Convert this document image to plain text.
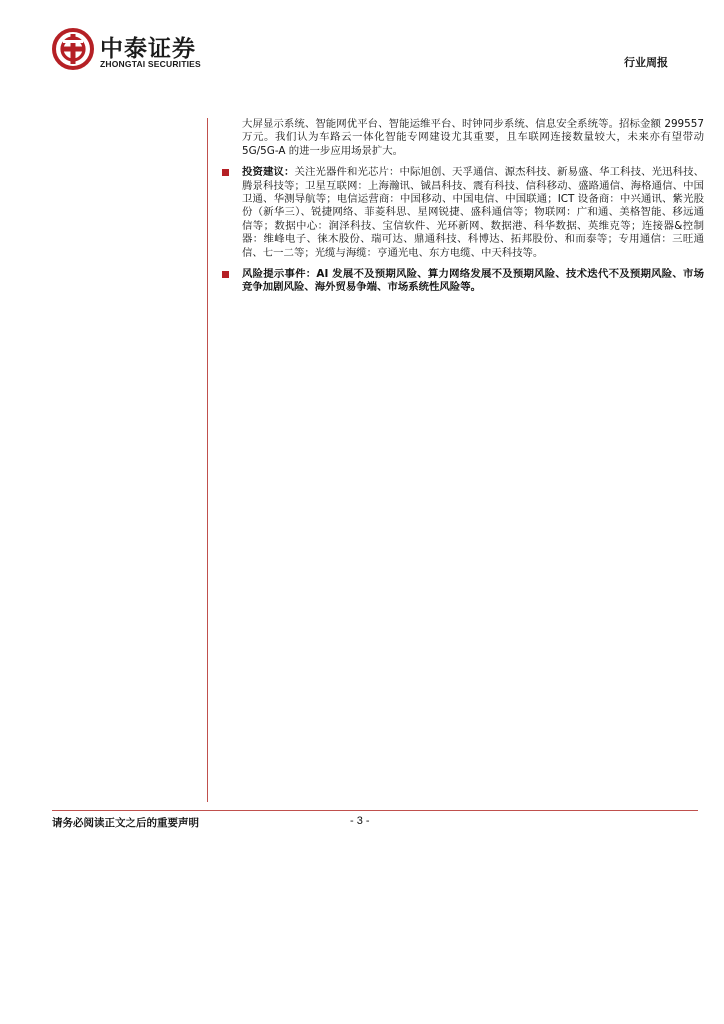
中泰证券
ZHONGTAI SECURITIES	行业周报

大屏显示系统、智能网优平台、智能运维平台、时钟同步系统、信息安全系统等。招标金额 299557 万元。我们认为车路云一体化智能专网建设尤其重要，且车联网连接数量较大，未来亦有望带动 5G/5G-A 的进一步应用场景扩大。

投资建议：关注光器件和光芯片：中际旭创、天孚通信、源杰科技、新易盛、华工科技、光迅科技、腾景科技等；卫星互联网：上海瀚讯、铖昌科技、震有科技、信科移动、盛路通信、海格通信、中国卫通、华测导航等；电信运营商：中国移动、中国电信、中国联通；ICT 设备商：中兴通讯、紫光股份（新华三）、锐捷网络、菲菱科思、星网锐捷、盛科通信等；物联网：广和通、美格智能、移远通信等；数据中心：润泽科技、宝信软件、光环新网、数据港、科华数据、英维克等；连接器&控制器：维峰电子、徕木股份、瑞可达、鼎通科技、科博达、拓邦股份、和而泰等；专用通信：三旺通信、七一二等；光缆与海缆：亨通光电、东方电缆、中天科技等。
风险提示事件：AI 发展不及预期风险、算力网络发展不及预期风险、技术迭代不及预期风险、市场竞争加剧风险、海外贸易争端、市场系统性风险等。
请务必阅读正文之后的重要声明	- 3 -
